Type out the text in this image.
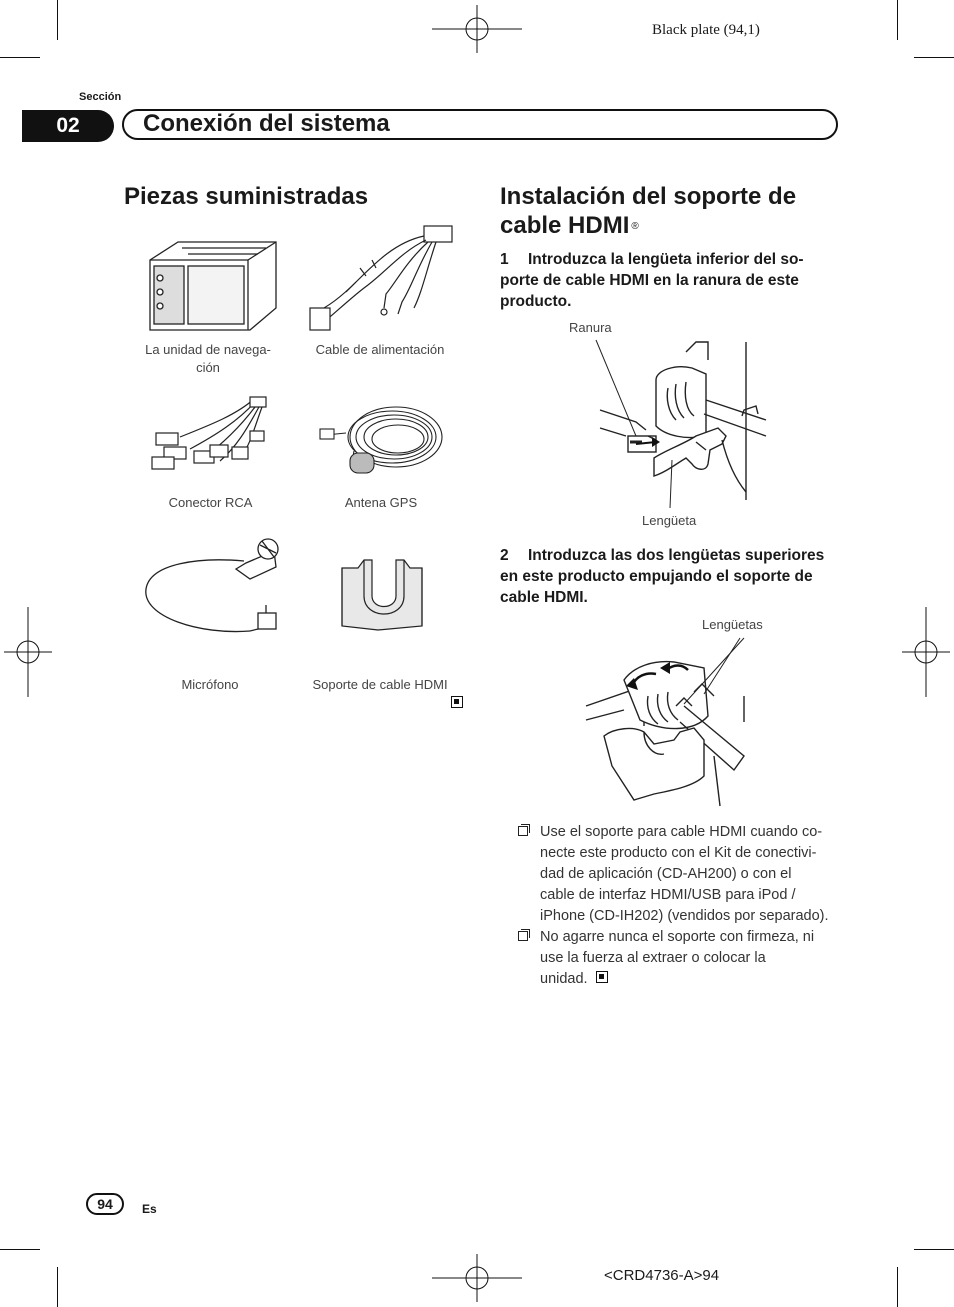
Black plate (94,1)
Sección
02	Conexión del sistema
Piezas suministradas
La unidad de navega-
ción
Cable de alimentación
Conector RCA	Antena GPS
Micrófono	Soporte de cable HDMI
Instalación del soporte de
cable HDMI ®
1	Introduzca la lengüeta inferior del so-
porte de cable HDMI en la ranura de este
producto.
Ranura
Lengüeta
2	Introduzca las dos lengüetas superiores
en este producto empujando el soporte de
cable HDMI.
Lengüetas
Use el soporte para cable HDMI cuando co-
necte este producto con el Kit de conectivi-
dad de aplicación (CD-AH200) o con el
cable de interfaz HDMI/USB para iPod /
iPhone (CD-IH202) (vendidos por separado).
No agarre nunca el soporte con firmeza, ni
use la fuerza al extraer o colocar la
unidad.
94 Es
<CRD4736-A>94
